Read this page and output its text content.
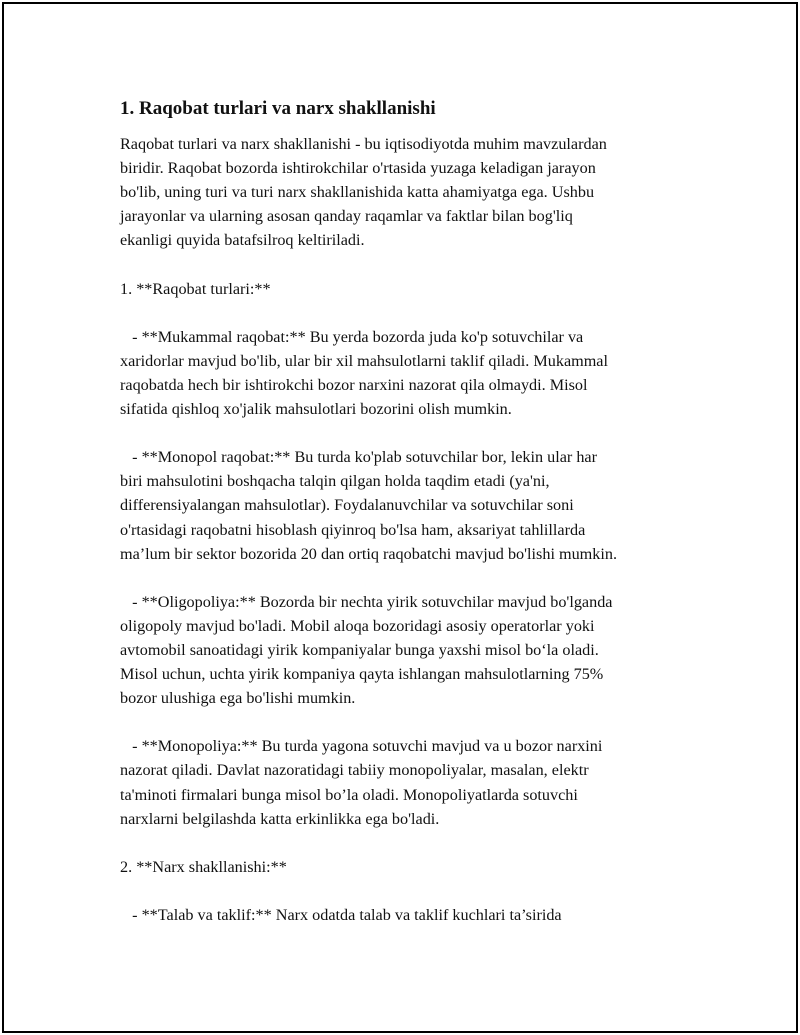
1. Raqobat turlari va narx shakllanishi

Raqobat turlari va narx shakllanishi - bu iqtisodiyotda muhim mavzulardan
biridir. Raqobat bozorda ishtirokchilar o'rtasida yuzaga keladigan jarayon
bo'lib, uning turi va turi narx shakllanishida katta ahamiyatga ega. Ushbu
jarayonlar va ularning asosan qanday raqamlar va faktlar bilan bog'liq
ekanligi quyida batafsilroq keltiriladi.

1. **Raqobat turlari:**

- **Mukammal raqobat:** Bu yerda bozorda juda ko'p sotuvchilar va
xaridorlar mavjud bo'lib, ular bir xil mahsulotlarni taklif qiladi. Mukammal
raqobatda hech bir ishtirokchi bozor narxini nazorat qila olmaydi. Misol
sifatida qishloq xo'jalik mahsulotlari bozorini olish mumkin.

- **Monopol raqobat:** Bu turda ko'plab sotuvchilar bor, lekin ular har
biri mahsulotini boshqacha talqin qilgan holda taqdim etadi (ya'ni,
differensiyalangan mahsulotlar). Foydalanuvchilar va sotuvchilar soni
o'rtasidagi raqobatni hisoblash qiyinroq bo'lsa ham, aksariyat tahlillarda
ma’lum bir sektor bozorida 20 dan ortiq raqobatchi mavjud bo'lishi mumkin.

- **Oligopoliya:** Bozorda bir nechta yirik sotuvchilar mavjud bo'lganda
oligopoly mavjud bo'ladi. Mobil aloqa bozoridagi asosiy operatorlar yoki
avtomobil sanoatidagi yirik kompaniyalar bunga yaxshi misol bo‘la oladi.
Misol uchun, uchta yirik kompaniya qayta ishlangan mahsulotlarning 75%
bozor ulushiga ega bo'lishi mumkin.

- **Monopoliya:** Bu turda yagona sotuvchi mavjud va u bozor narxini
nazorat qiladi. Davlat nazoratidagi tabiiy monopoliyalar, masalan, elektr
ta'minoti firmalari bunga misol bo’la oladi. Monopoliyatlarda sotuvchi
narxlarni belgilashda katta erkinlikka ega bo'ladi.

2. **Narx shakllanishi:**

- **Talab va taklif:** Narx odatda talab va taklif kuchlari ta’sirida
